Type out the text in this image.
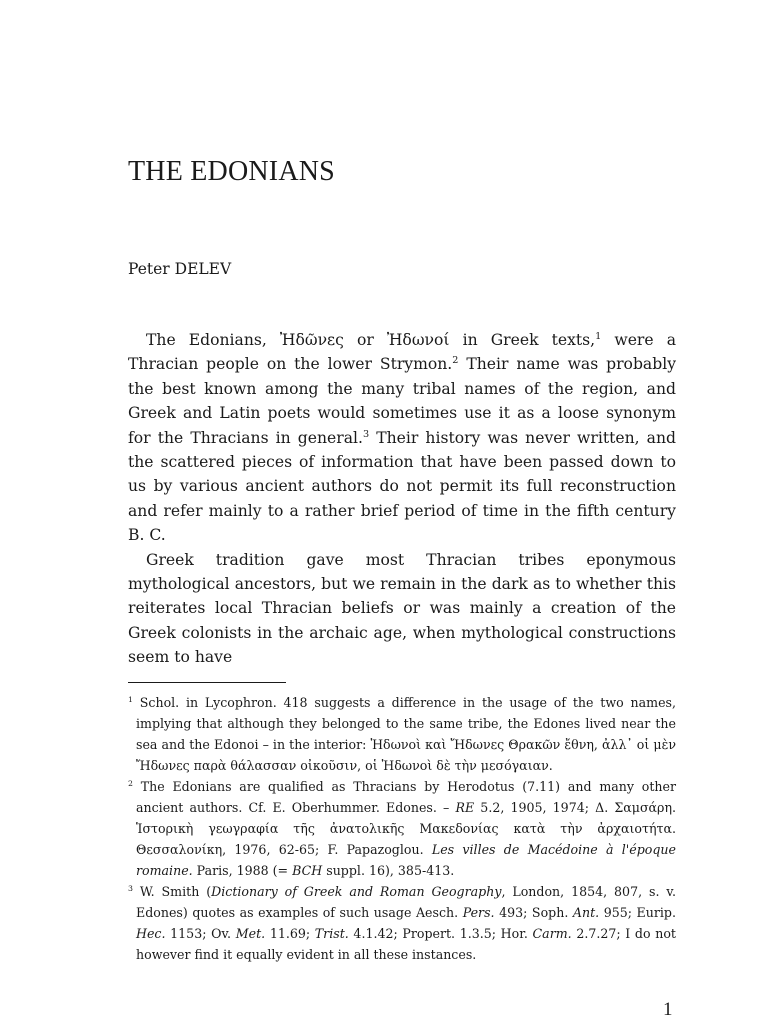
THE EDONIANS

Peter DELEV

The Edonians, Ἠδῶνες or Ἠδωνοί in Greek texts,$^1$ were a Thracian people on the lower Strymon.$^2$ Their name was probably the best known among the many tribal names of the region, and Greek and Latin poets would sometimes use it as a loose synonym for the Thracians in general.$^3$ Their history was never written, and the scattered pieces of information that have been passed down to us by various ancient authors do not permit its full reconstruction and refer mainly to a rather brief period of time in the fifth century B. C.

Greek tradition gave most Thracian tribes eponymous mythological ancestors, but we remain in the dark as to whether this reiterates local Thracian beliefs or was mainly a creation of the Greek colonists in the archaic age, when mythological constructions seem to have

$^1$ Schol. in Lycophron. 418 suggests a difference in the usage of the two names, implying that although they belonged to the same tribe, the Edones lived near the sea and the Edonoi – in the interior: Ἠδωνοὶ καὶ Ἤδωνες Θρακῶν ἔθνη, ἀλλ᾽ οἱ μὲν Ἤδωνες παρὰ θάλασσαν οἰκοῦσιν, οἱ Ἠδωνοὶ δὲ τὴν μεσόγαιαν.

$^2$ The Edonians are qualified as Thracians by Herodotus (7.11) and many other ancient authors. Cf. E. Oberhummer. Edones. – RE 5.2, 1905, 1974; Δ. Σαμσάρη. Ἱστορικὴ γεωγραφία τῆς ἀνατολικῆς Μακεδονίας κατὰ τὴν ἀρχαιοτήτα. Θεσσαλονίκη, 1976, 62-65; F. Papazoglou. Les villes de Macédoine à l'époque romaine. Paris, 1988 (= BCH suppl. 16), 385-413.

$^3$ W. Smith (Dictionary of Greek and Roman Geography, London, 1854, 807, s. v. Edones) quotes as examples of such usage Aesch. Pers. 493; Soph. Ant. 955; Eurip. Hec. 1153; Ov. Met. 11.69; Trist. 4.1.42; Propert. 1.3.5; Hor. Carm. 2.7.27; I do not however find it equally evident in all these instances.

1
